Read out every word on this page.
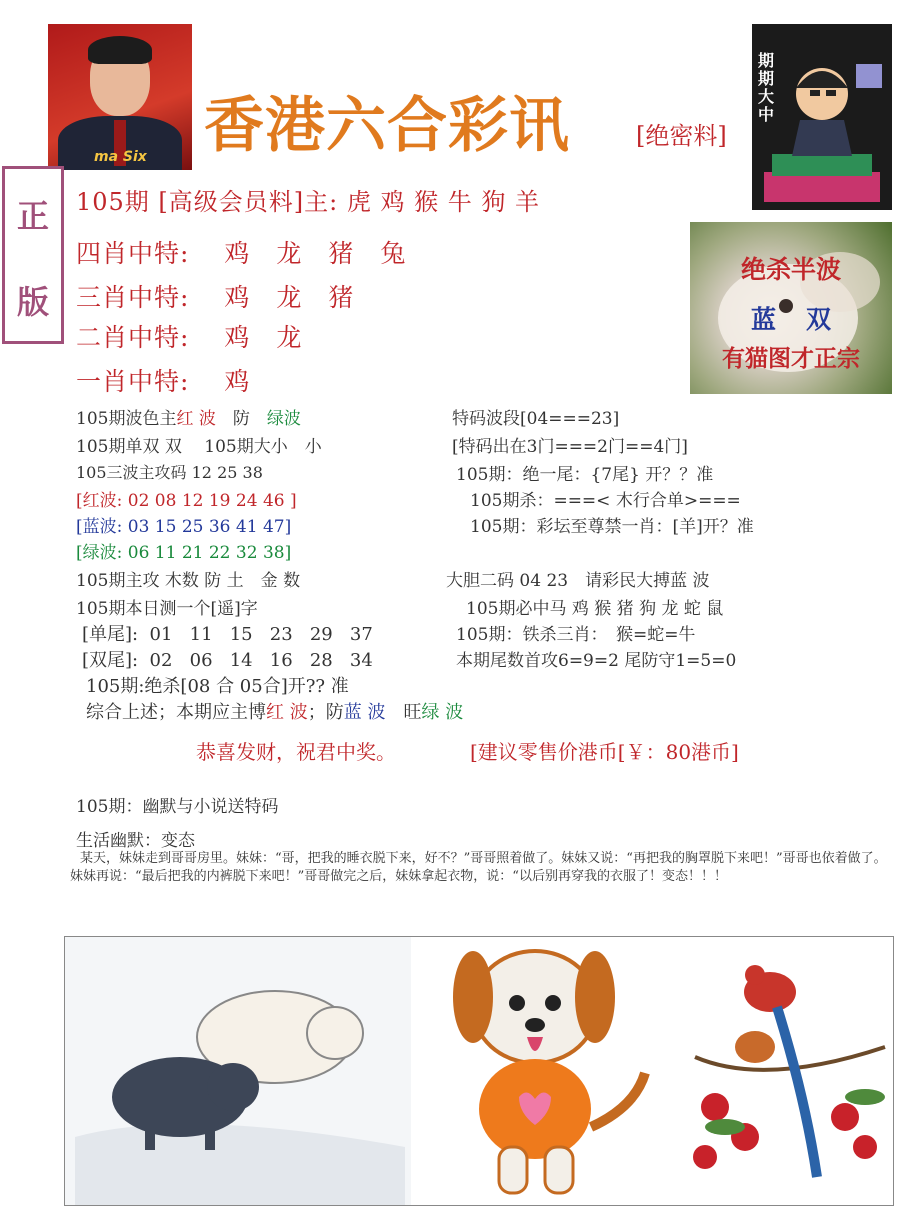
ma Six 香港六合彩讯	[绝密料]
期期大中
正
版
105期 [高级会员料]主: 虎 鸡 猴 牛 狗 羊
四肖中特: 鸡　龙　猪　兔
三肖中特: 鸡　龙　猪
二肖中特: 鸡　龙
一肖中特: 鸡
绝杀半波
蓝 双
有猫图才正宗
105期波色主红 波　防　绿波
105期单双 双　 105期大小　小
105三波主攻码 12 25 38
[红波: 02 08 12 19 24 46 ]
[蓝波: 03 15 25 36 41 47]
[绿波: 06 11 21 22 32 38]
105期主攻 木数 防 土　金 数
105期本日测一个[遥]字
[单尾]:  01   11   15   23   29   37
[双尾]:  02   06   14   16   28   34
105期:绝杀[08 合 05合]开?? 准
综合上述；本期应主博红 波；防蓝 波　旺绿 波
特码波段[04===23]
[特码出在3门===2门==4门]
105期：绝一尾：{7尾} 开？？准
105期杀：===< 木行合单>===
105期：彩坛至尊禁一肖：[羊]开？准
大胆二码 04 23　请彩民大搏蓝 波
105期必中马 鸡 猴 猪 狗 龙 蛇 鼠
105期：铁杀三肖：　猴=蛇=牛
本期尾数首攻6=9=2 尾防守1=5=0
恭喜发财，祝君中奖。	[建议零售价港币[￥：80港币]
105期：幽默与小说送特码
生活幽默：变态
某天，妹妹走到哥哥房里。妹妹：“哥，把我的睡衣脱下来，好不？”哥哥照着做了。妹妹又说：“再把我的胸罩脱下来吧！”哥哥也依着做了。妹妹再说：“最后把我的内裤脱下来吧！”哥哥做完之后，妹妹拿起衣物，说：“以后别再穿我的衣服了！变态！！！
